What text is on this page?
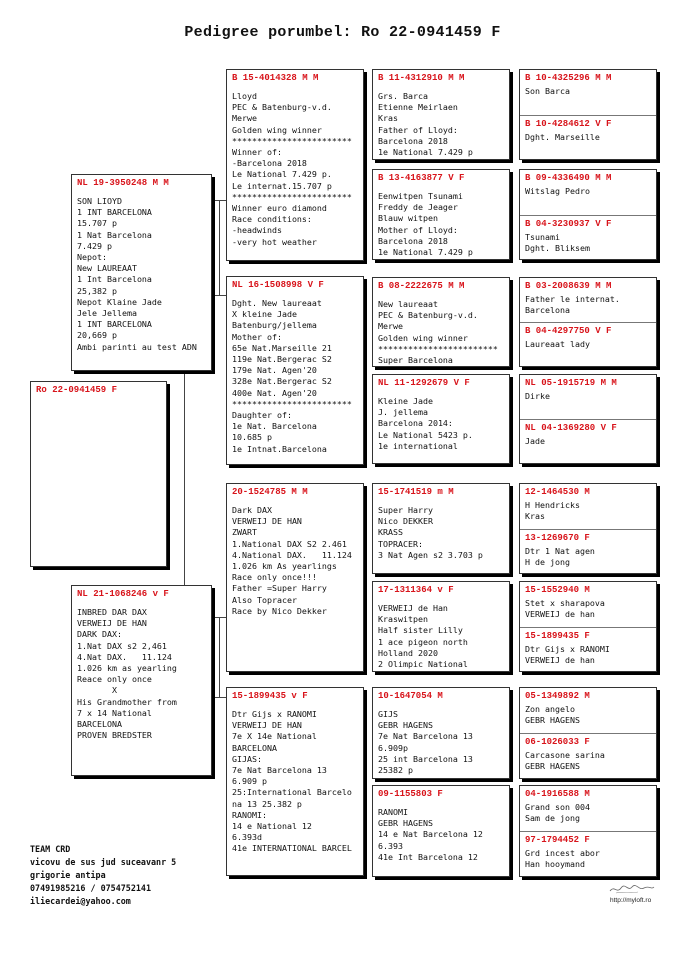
Pedigree porumbel: Ro 22-0941459 F
Ro 22-0941459 F
NL 19-3950248 M M
SON LIOYD
1 INT BARCELONA
15.707 p
1 Nat Barcelona
7.429 p
Nepot:
New LAUREAAT
1 Int Barcelona
25,382 p
Nepot Klaine Jade
Jele Jellema
1 INT BARCELONA
20,669 p
Ambi parinti au test ADN
NL 21-1068246 v F
INBRED DAR DAX
VERWEIJ DE HAN
DARK DAX:
1.Nat DAX s2 2,461
4.Nat DAX.   11.124
1.026 km as yearling
Reace only once
X
His Grandmother from
7 x 14 National
BARCELONA
PROVEN BREDSTER
B 15-4014328 M M
Lloyd
PEC & Batenburg-v.d.
Merwe
Golden wing winner
************************
Winner of:
-Barcelona 2018
Le National 7.429 p.
Le internat.15.707 p
************************
Winner euro diamond
Race conditions:
-headwinds
-very hot weather
NL 16-1508998 V F
Dght. New laureaat
X kleine Jade
Batenburg/jellema
Mother of:
65e Nat.Marseille 21
119e Nat.Bergerac S2
179e Nat. Agen'20
328e Nat.Bergerac S2
400e Nat. Agen'20
************************
Daughter of:
1e Nat. Barcelona
10.685 p
1e Intnat.Barcelona
20-1524785 M M
Dark DAX
VERWEIJ DE HAN
ZWART
1.National DAX S2 2.461
4.National DAX.   11.124
1.026 km As yearlings
Race only once!!!
Father =Super Harry
Also Topracer
Race by Nico Dekker
15-1899435 v F
Dtr Gijs x RANOMI
VERWEIJ DE HAN
7e X 14e National
BARCELONA
GIJAS:
7e Nat Barcelona 13
6.909 p
25:International Barcelo
na 13 25.382 p
RANOMI:
14 e National 12
6.393d
41e INTERNATIONAL BARCEL
B 11-4312910 M M
Grs. Barca
Etienne Meirlaen
Kras
Father of Lloyd:
Barcelona 2018
1e National 7.429 p
B 13-4163877 V F
Eenwitpen Tsunami
Freddy de Jeager
Blauw witpen
Mother of Lloyd:
Barcelona 2018
1e National 7.429 p
B 08-2222675 M M
New laureaat
PEC & Batenburg-v.d.
Merwe
Golden wing winner
************************
Super Barcelona
NL 11-1292679 V F
Kleine Jade
J. jellema
Barcelona 2014:
Le National 5423 p.
1e international
15-1741519 m M
Super Harry
Nico DEKKER
KRASS
TOPRACER:
3 Nat Agen s2 3.703 p
17-1311364 v F
VERWEIJ de Han
Kraswitpen
Half sister Lilly
1 ace pigeon north
Holland 2020
2 Olimpic National
10-1647054 M
GIJS
GEBR HAGENS
7e Nat Barcelona 13
6.909p
25 int Barcelona 13
25382 p
09-1155803 F
RANOMI
GEBR HAGENS
14 e Nat Barcelona 12
6.393
41e Int Barcelona 12
B 10-4325296 M M
Son Barca
B 10-4284612 V F
Dght. Marseille
B 09-4336490 M M
Witslag Pedro
B 04-3230937 V F
Tsunami
Dght. Bliksem
B 03-2008639 M M
Father le internat.
Barcelona
B 04-4297750 V F
Laureaat lady
NL 05-1915719 M M
Dirke
NL 04-1369280 V F
Jade
12-1464530 M
H Hendricks
Kras
13-1269670 F
Dtr 1 Nat agen
H de jong
15-1552940 M
Stet x sharapova
VERWEIJ de han
15-1899435 F
Dtr Gijs x RANOMI
VERWEIJ de han
05-1349892 M
Zon angelo
GEBR HAGENS
06-1026033 F
Carcasone sarina
GEBR HAGENS
04-1916588 M
Grand son 004
Sam de jong
97-1794452 F
Grd incest abor
Han hooymand
TEAM CRD
vicovu de sus jud suceavanr 5
grigorie antipa
07491985216 / 0754752141
iliecardei@yahoo.com	http://myloft.ro
